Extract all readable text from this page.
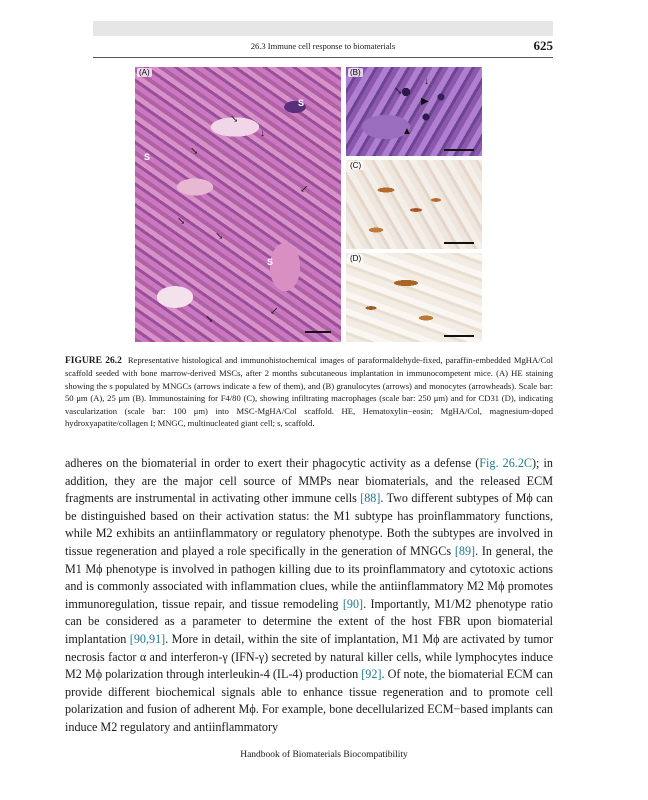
26.3 Immune cell response to biomaterials	625
(A)
S
S
S
↘
↓
↘
↙
↘
↘
↘
↙
(B)
↓
↘
▶
▲
(C)
(D)
FIGURE 26.2 Representative histological and immunohistochemical images of paraformaldehyde-fixed, paraffin-embedded MgHA/Col scaffold seeded with bone marrow-derived MSCs, after 2 months subcutaneous implantation in immunocompetent mice. (A) HE staining showing the s populated by MNGCs (arrows indicate a few of them), and (B) granulocytes (arrows) and monocytes (arrowheads). Scale bar: 50 μm (A), 25 μm (B). Immunostaining for F4/80 (C), showing infiltrating macrophages (scale bar: 250 μm) and for CD31 (D), indicating vascularization (scale bar: 100 μm) into MSC-MgHA/Col scaffold. HE, Hematoxylin−eosin; MgHA/Col, magnesium-doped hydroxyapatite/collagen I; MNGC, multinucleated giant cell; s, scaffold.
adheres on the biomaterial in order to exert their phagocytic activity as a defense (Fig. 26.2C); in addition, they are the major cell source of MMPs near biomaterials, and the released ECM fragments are instrumental in activating other immune cells [88]. Two different subtypes of Mϕ can be distinguished based on their activation status: the M1 subtype has proinflammatory functions, while M2 exhibits an antiinflammatory or regulatory phenotype. Both the subtypes are involved in tissue regeneration and played a role specifically in the generation of MNGCs [89]. In general, the M1 Mϕ phenotype is involved in pathogen killing due to its proinflammatory and cytotoxic actions and is commonly associated with inflammation clues, while the antiinflammatory M2 Mϕ promotes immunoregulation, tissue repair, and tissue remodeling [90]. Importantly, M1/M2 phenotype ratio can be considered as a parameter to determine the extent of the host FBR upon biomaterial implantation [90,91]. More in detail, within the site of implantation, M1 Mϕ are activated by tumor necrosis factor α and interferon-γ (IFN-γ) secreted by natural killer cells, while lymphocytes induce M2 Mϕ polarization through interleukin-4 (IL-4) production [92]. Of note, the biomaterial ECM can provide different biochemical signals able to enhance tissue regeneration and to promote cell polarization and fusion of adherent Mϕ. For example, bone decellularized ECM−based implants can induce M2 regulatory and antiinflammatory
Handbook of Biomaterials Biocompatibility
